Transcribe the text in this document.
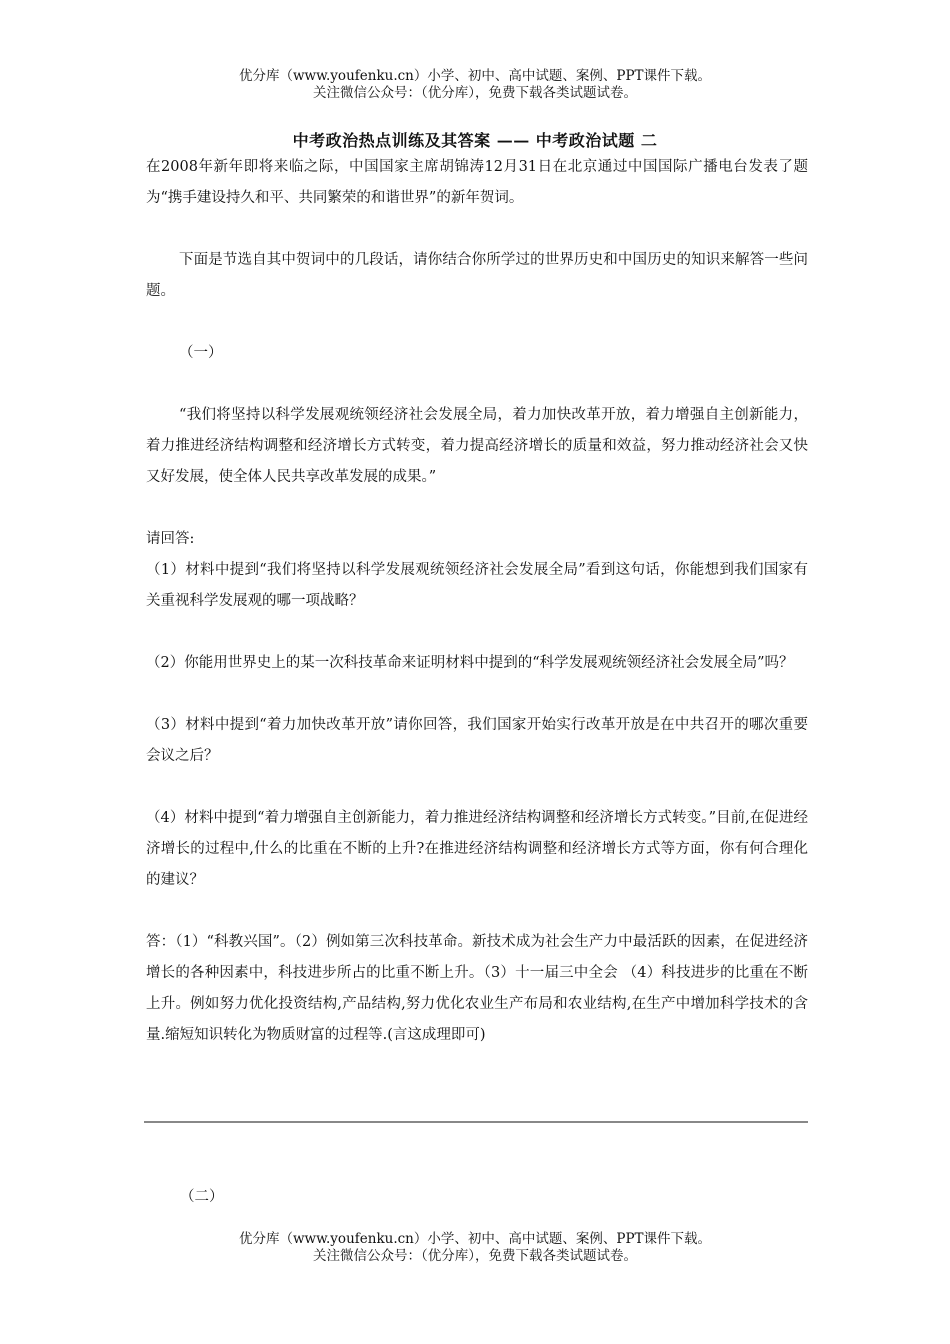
优分库（www.youfenku.cn）小学、初中、高中试题、案例、PPT课件下载。
关注微信公众号：（优分库），免费下载各类试题试卷。
中考政治热点训练及其答案 —— 中考政治试题 二

在2008年新年即将来临之际，中国国家主席胡锦涛12月31日在北京通过中国国际广播电台发表了题为“携手建设持久和平、共同繁荣的和谐世界”的新年贺词。

下面是节选自其中贺词中的几段话，请你结合你所学过的世界历史和中国历史的知识来解答一些问题。

（一）

“我们将坚持以科学发展观统领经济社会发展全局，着力加快改革开放，着力增强自主创新能力，着力推进经济结构调整和经济增长方式转变，着力提高经济增长的质量和效益，努力推动经济社会又快又好发展，使全体人民共享改革发展的成果。”

请回答:

（1）材料中提到“我们将坚持以科学发展观统领经济社会发展全局”看到这句话，你能想到我们国家有关重视科学发展观的哪一项战略？

（2）你能用世界史上的某一次科技革命来证明材料中提到的“科学发展观统领经济社会发展全局”吗？

（3）材料中提到“着力加快改革开放”请你回答，我们国家开始实行改革开放是在中共召开的哪次重要会议之后？

（4）材料中提到“着力增强自主创新能力，着力推进经济结构调整和经济增长方式转变。”目前,在促进经济增长的过程中,什么的比重在不断的上升?在推进经济结构调整和经济增长方式等方面，你有何合理化的建议？

答：（1）“科教兴国”。（2）例如第三次科技革命。新技术成为社会生产力中最活跃的因素，在促进经济增长的各种因素中，科技进步所占的比重不断上升。（3）十一届三中全会 （4）科技进步的比重在不断上升。例如努力优化投资结构,产品结构,努力优化农业生产布局和农业结构,在生产中增加科学技术的含量.缩短知识转化为物质财富的过程等.(言这成理即可)

（二）
优分库（www.youfenku.cn）小学、初中、高中试题、案例、PPT课件下载。
关注微信公众号：（优分库），免费下载各类试题试卷。
